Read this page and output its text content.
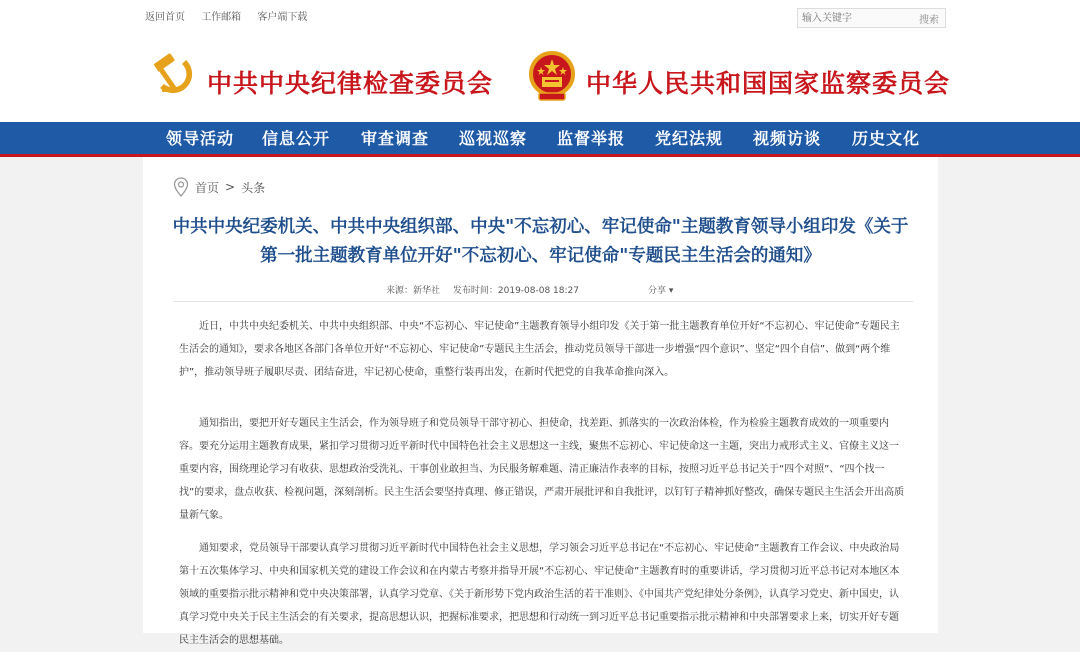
返回首页 工作邮箱 客户端下载
输入关键字	搜索
中共中央纪律检查委员会	中华人民共和国国家监察委员会
领导活动 信息公开 审查调查 巡视巡察 监督举报 党纪法规 视频访谈 历史文化
首页 > 头条
中共中央纪委机关、中共中央组织部、中央"不忘初心、牢记使命"主题教育领导小组印发《关于
第一批主题教育单位开好"不忘初心、牢记使命"专题民主生活会的通知》
来源：新华社 发布时间：2019-08-08 18:27	分享 ▾

近日，中共中央纪委机关、中共中央组织部、中央“不忘初心、牢记使命”主题教育领导小组印发《关于第一批主题教育单位开好“不忘初心、牢记使命”专题民主生活会的通知》，要求各地区各部门各单位开好“不忘初心、牢记使命”专题民主生活会，推动党员领导干部进一步增强“四个意识”、坚定“四个自信”、做到“两个维护”，推动领导班子履职尽责、团结奋进，牢记初心使命，重整行装再出发，在新时代把党的自我革命推向深入。

通知指出，要把开好专题民主生活会，作为领导班子和党员领导干部守初心、担使命，找差距、抓落实的一次政治体检，作为检验主题教育成效的一项重要内容。要充分运用主题教育成果，紧扣学习贯彻习近平新时代中国特色社会主义思想这一主线，聚焦不忘初心、牢记使命这一主题，突出力戒形式主义、官僚主义这一重要内容，围绕理论学习有收获、思想政治受洗礼、干事创业敢担当、为民服务解难题、清正廉洁作表率的目标，按照习近平总书记关于“四个对照”、“四个找一找”的要求，盘点收获、检视问题，深刻剖析。民主生活会要坚持真理、修正错误，严肃开展批评和自我批评，以钉钉子精神抓好整改，确保专题民主生活会开出高质量新气象。

通知要求，党员领导干部要认真学习贯彻习近平新时代中国特色社会主义思想，学习领会习近平总书记在“不忘初心、牢记使命”主题教育工作会议、中央政治局第十五次集体学习、中央和国家机关党的建设工作会议和在内蒙古考察并指导开展“不忘初心、牢记使命”主题教育时的重要讲话，学习贯彻习近平总书记对本地区本领域的重要指示批示精神和党中央决策部署，认真学习党章、《关于新形势下党内政治生活的若干准则》、《中国共产党纪律处分条例》，认真学习党史、新中国史，认真学习党中央关于民主生活会的有关要求，提高思想认识，把握标准要求，把思想和行动统一到习近平总书记重要指示批示精神和中央部署要求上来，切实开好专题民主生活会的思想基础。
